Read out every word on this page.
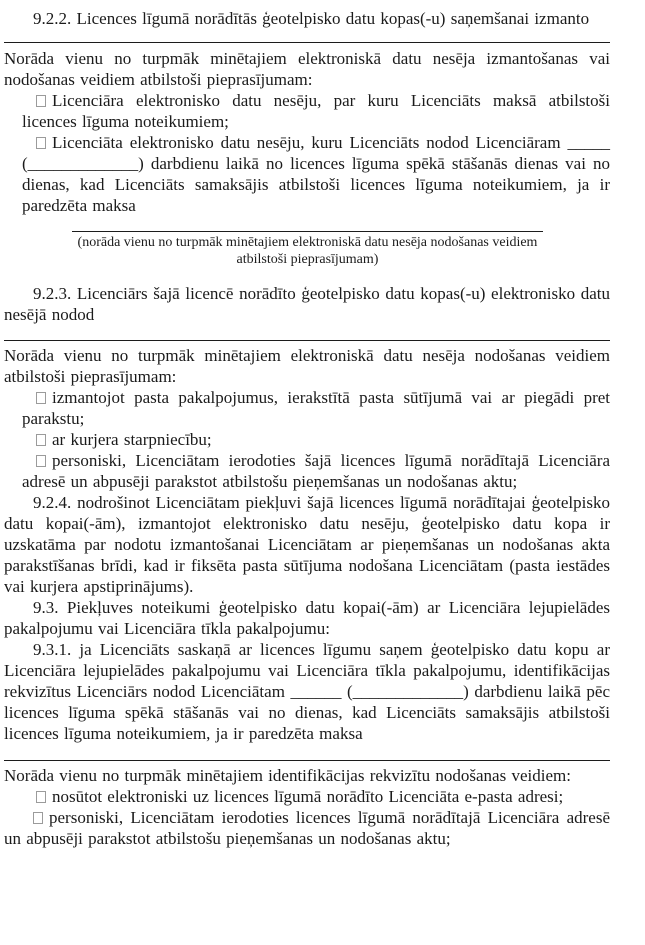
9.2.2. Licences līgumā norādītās ģeotelpisko datu kopas(-u) saņemšanai izmanto

Norāda vienu no turpmāk minētajiem elektroniskā datu nesēja izmantošanas vai nodošanas veidiem atbilstoši pieprasījumam:

Licenciāra elektronisko datu nesēju, par kuru Licenciāts maksā atbilstoši licences līguma noteikumiem;

Licenciāta elektronisko datu nesēju, kuru Licenciāts nodod Licenciāram _____ (_____________) darbdienu laikā no licences līguma spēkā stāšanās dienas vai no dienas, kad Licenciāts samaksājis atbilstoši licences līguma noteikumiem, ja ir paredzēta maksa

(norāda vienu no turpmāk minētajiem elektroniskā datu nesēja nodošanas veidiem atbilstoši pieprasījumam)

9.2.3. Licenciārs šajā licencē norādīto ģeotelpisko datu kopas(-u) elektronisko datu nesējā nodod

Norāda vienu no turpmāk minētajiem elektroniskā datu nesēja nodošanas veidiem atbilstoši pieprasījumam:

izmantojot pasta pakalpojumus, ierakstītā pasta sūtījumā vai ar piegādi pret parakstu;

ar kurjera starpniecību;

personiski, Licenciātam ierodoties šajā licences līgumā norādītajā Licenciāra adresē un abpusēji parakstot atbilstošu pieņemšanas un nodošanas aktu;

9.2.4. nodrošinot Licenciātam piekļuvi šajā licences līgumā norādītajai ģeotelpisko datu kopai(-ām), izmantojot elektronisko datu nesēju, ģeotelpisko datu kopa ir uzskatāma par nodotu izmantošanai Licenciātam ar pieņemšanas un nodošanas akta parakstīšanas brīdi, kad ir fiksēta pasta sūtījuma nodošana Licenciātam (pasta iestādes vai kurjera apstiprinājums).

9.3. Piekļuves noteikumi ģeotelpisko datu kopai(-ām) ar Licenciāra lejupielādes pakalpojumu vai Licenciāra tīkla pakalpojumu:

9.3.1. ja Licenciāts saskaņā ar licences līgumu saņem ģeotelpisko datu kopu ar Licenciāra lejupielādes pakalpojumu vai Licenciāra tīkla pakalpojumu, identifikācijas rekvizītus Licenciārs nodod Licenciātam ______ (_____________) darbdienu laikā pēc licences līguma spēkā stāšanās vai no dienas, kad Licenciāts samaksājis atbilstoši licences līguma noteikumiem, ja ir paredzēta maksa

Norāda vienu no turpmāk minētajiem identifikācijas rekvizītu nodošanas veidiem:

nosūtot elektroniski uz licences līgumā norādīto Licenciāta e-pasta adresi;

personiski, Licenciātam ierodoties licences līgumā norādītajā Licenciāra adresē un abpusēji parakstot atbilstošu pieņemšanas un nodošanas aktu;
